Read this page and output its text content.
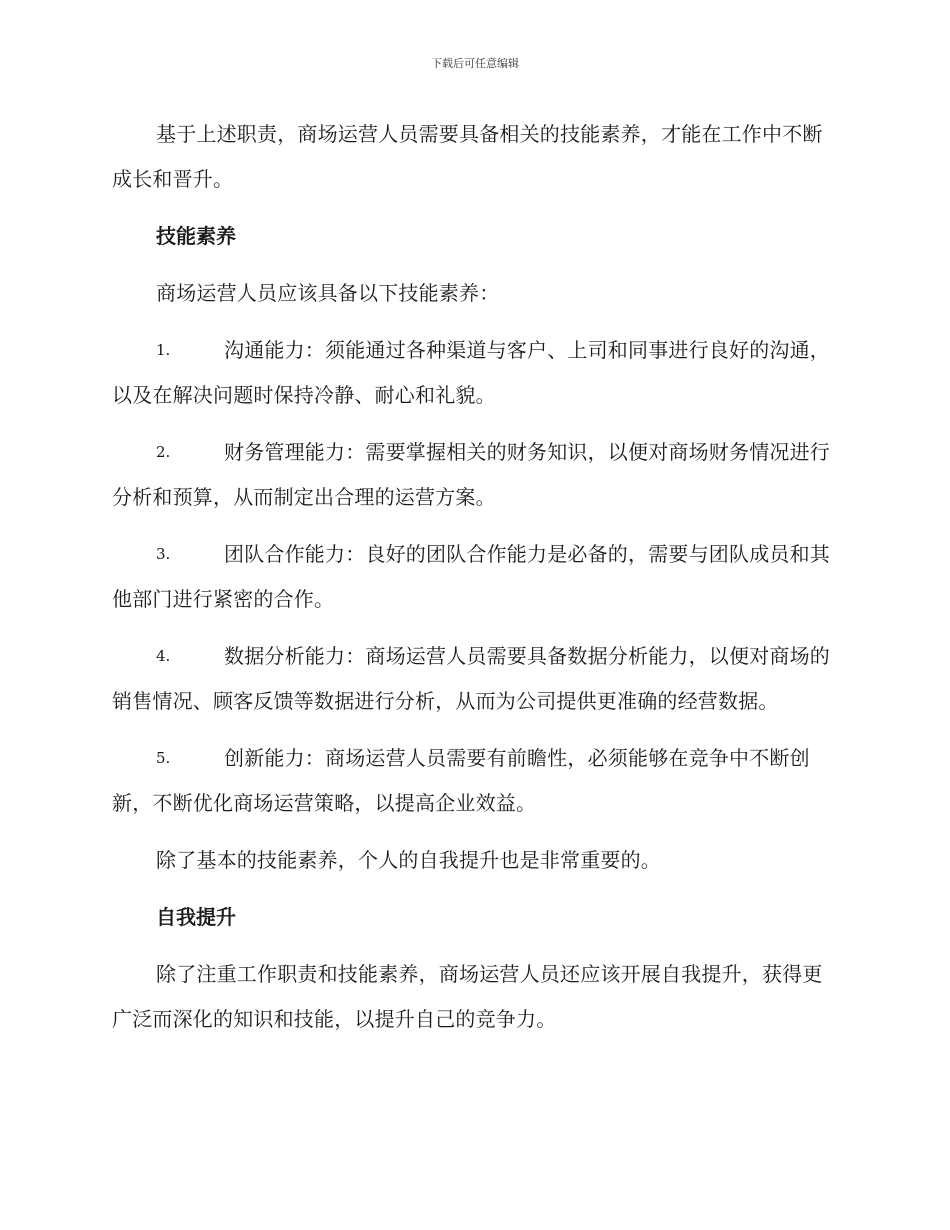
下载后可任意编辑

基于上述职责，商场运营人员需要具备相关的技能素养，才能在工作中不断成长和晋升。

技能素养

商场运营人员应该具备以下技能素养：

1.	沟通能力：须能通过各种渠道与客户、上司和同事进行良好的沟通，以及在解决问题时保持冷静、耐心和礼貌。

2.	财务管理能力：需要掌握相关的财务知识，以便对商场财务情况进行分析和预算，从而制定出合理的运营方案。

3.	团队合作能力：良好的团队合作能力是必备的，需要与团队成员和其他部门进行紧密的合作。

4.	数据分析能力：商场运营人员需要具备数据分析能力，以便对商场的销售情况、顾客反馈等数据进行分析，从而为公司提供更准确的经营数据。

5.	创新能力：商场运营人员需要有前瞻性，必须能够在竞争中不断创新，不断优化商场运营策略，以提高企业效益。

除了基本的技能素养，个人的自我提升也是非常重要的。

自我提升

除了注重工作职责和技能素养，商场运营人员还应该开展自我提升，获得更广泛而深化的知识和技能，以提升自己的竞争力。
